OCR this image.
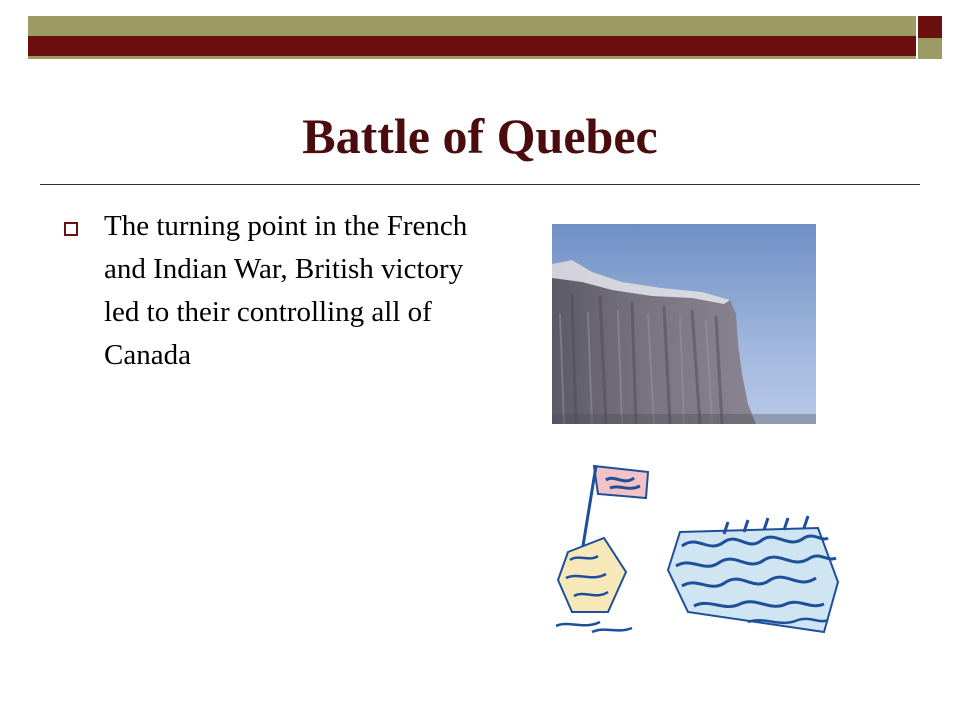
Battle of Quebec
The turning point in the French and Indian War, British victory led to their controlling all of Canada
